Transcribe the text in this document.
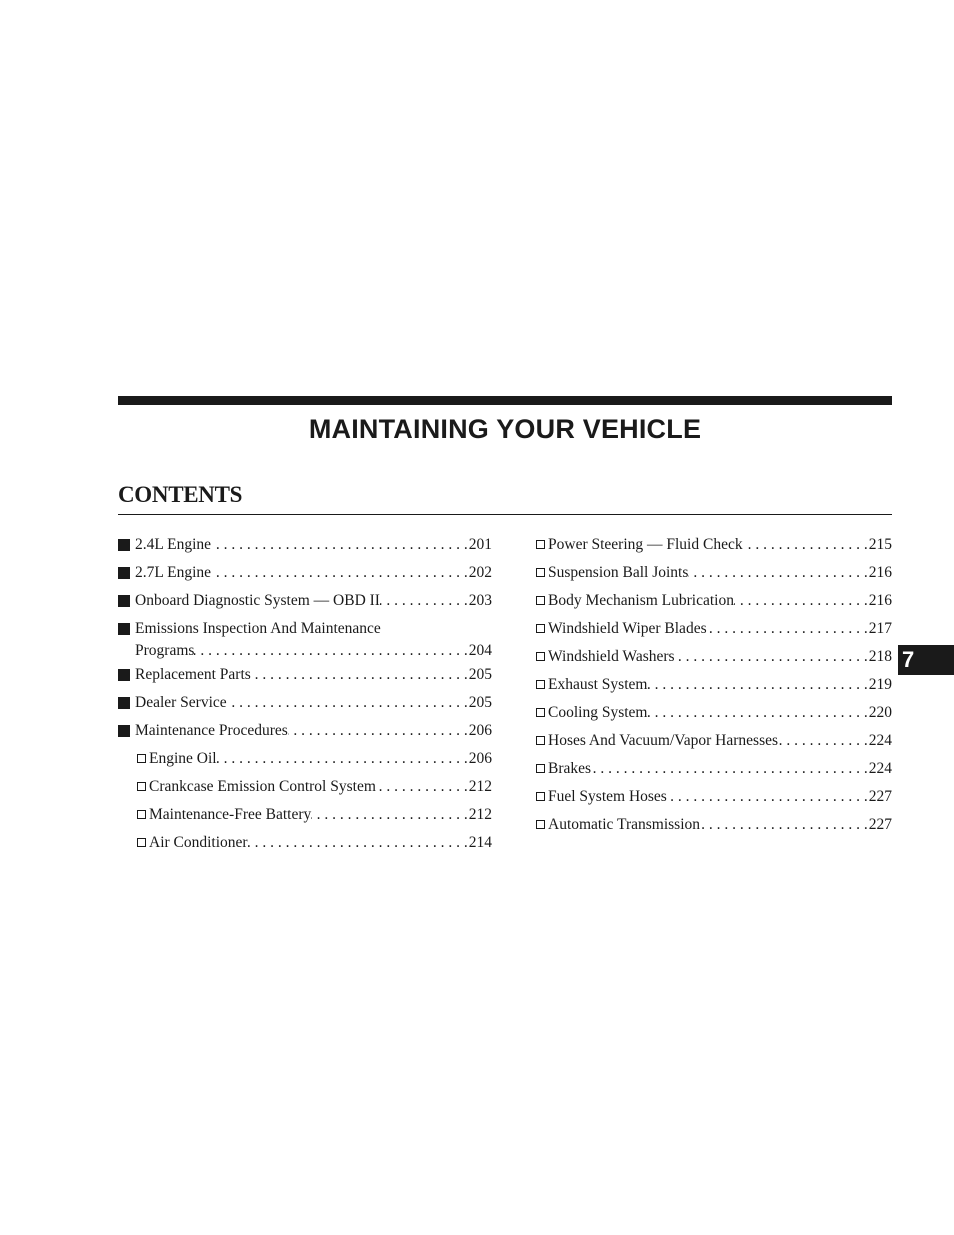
MAINTAINING YOUR VEHICLE
CONTENTS
2.4L Engine . . .	201
2.7L Engine . . .	202
Onboard Diagnostic System — OBD II . . .	203
Emissions Inspection And Maintenance
Programs . . .	204
Replacement Parts . . .	205
Dealer Service . . .	205
Maintenance Procedures . . .	206
Engine Oil . . .	206
Crankcase Emission Control System . . .	212
Maintenance-Free Battery . . .	212
Air Conditioner . . .	214
Power Steering — Fluid Check . . .	215
Suspension Ball Joints . . .	216
Body Mechanism Lubrication . . .	216
Windshield Wiper Blades . . .	217
Windshield Washers . . .	218
Exhaust System . . .	219
Cooling System . . .	220
Hoses And Vacuum/Vapor Harnesses . . .	224
Brakes . . .	224
Fuel System Hoses . . .	227
Automatic Transmission . . .	227
7
